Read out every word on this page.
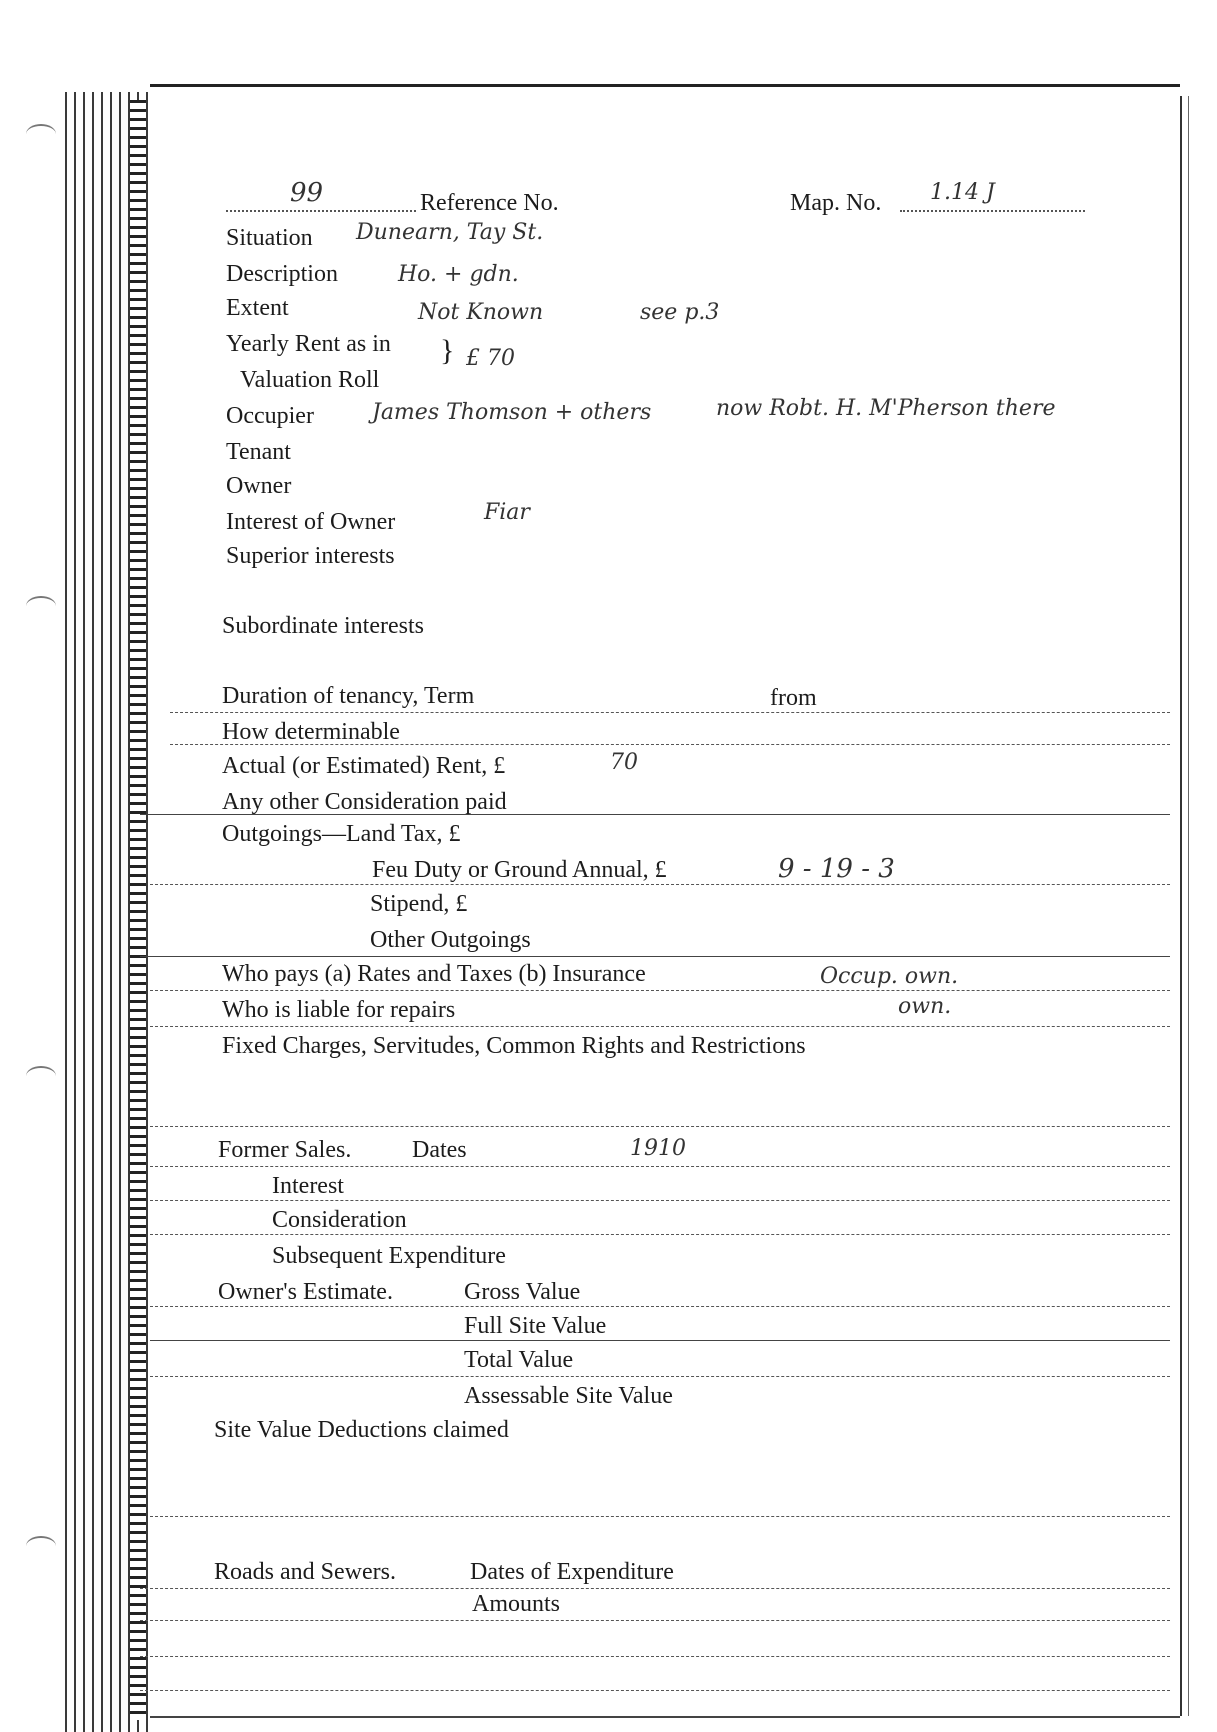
99	Reference No.	Map. No. 1.14 J
Situation Dunearn, Tay St.
Description	Ho. + gdn.
Extent	Not Known	see p.3
Yearly Rent as in
Valuation Roll
} £ 70
Occupier	James Thomson + others	now Robt. H. M'Pherson there
Tenant
Owner
Interest of Owner	Fiar
Superior interests
Subordinate interests
Duration of tenancy, Term	from
How determinable
Actual (or Estimated) Rent, £	70
Any other Consideration paid
Outgoings—Land Tax, £
Feu Duty or Ground Annual, £	9 - 19 - 3
Stipend, £
Other Outgoings
Who pays (a) Rates and Taxes (b) Insurance	Occup. own.
Who is liable for repairs	own.
Fixed Charges, Servitudes, Common Rights and Restrictions
Former Sales.	Dates	1910
Interest
Consideration
Subsequent Expenditure
Owner's Estimate.	Gross Value
Full Site Value
Total Value
Assessable Site Value
Site Value Deductions claimed
Roads and Sewers.	Dates of Expenditure
Amounts
